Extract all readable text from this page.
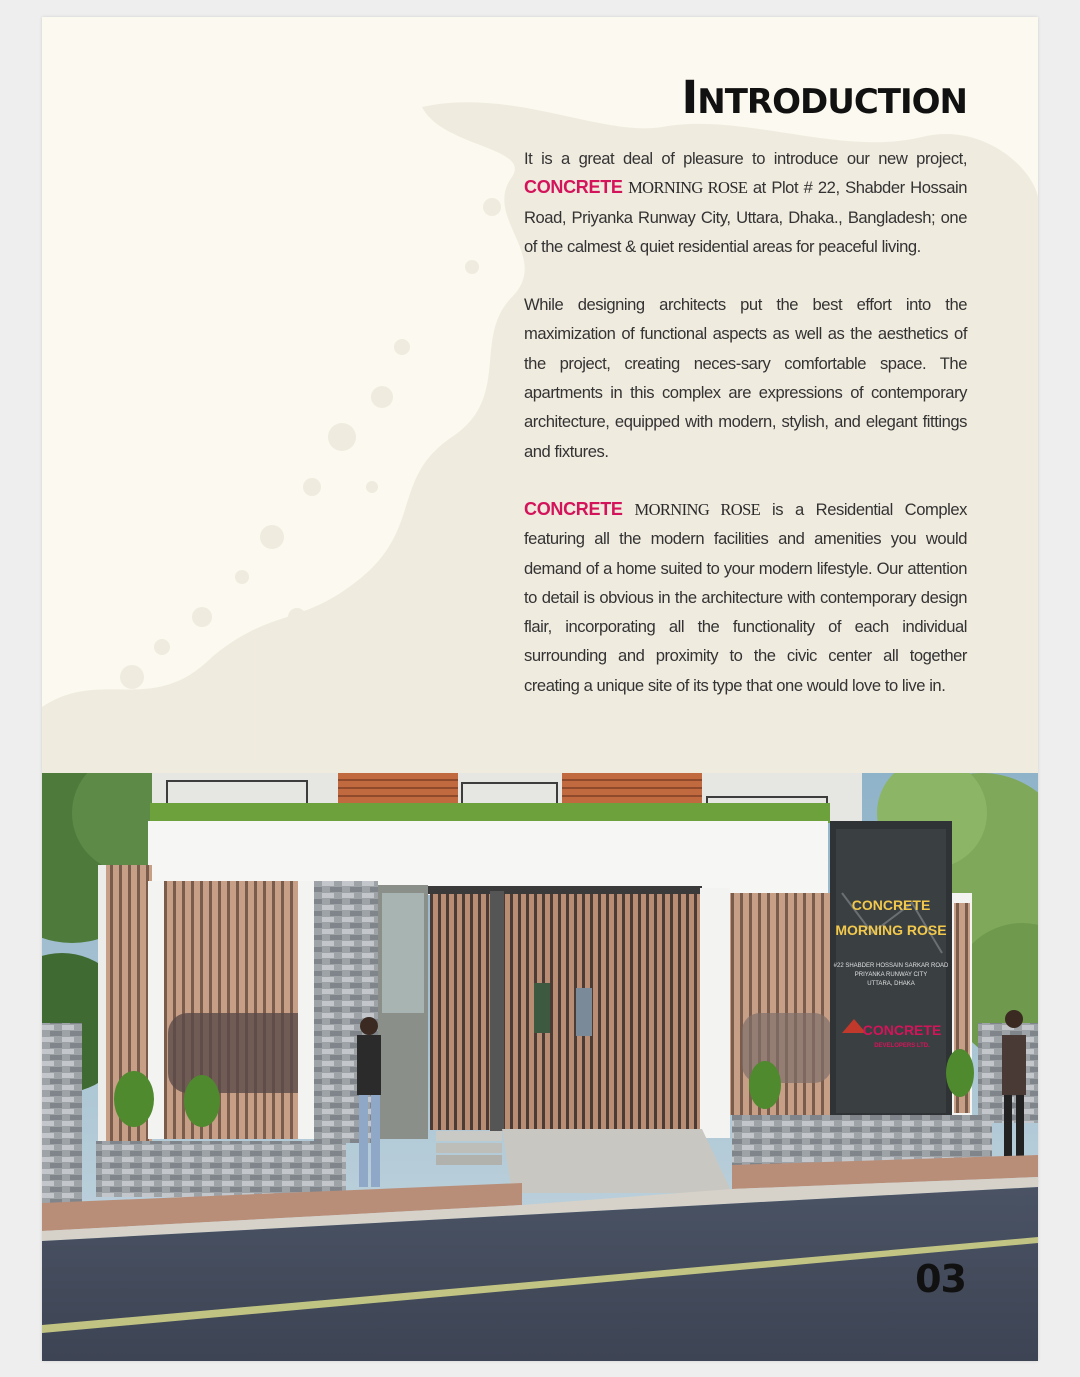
INTRODUCTION

It is a great deal of pleasure to introduce our new project, CONCRETE MORNING ROSE at Plot # 22, Shabder Hossain Road, Priyanka Runway City, Uttara, Dhaka., Bangladesh; one of the calmest & quiet residential areas for peaceful living.

While designing architects put the best effort into the maximization of functional aspects as well as the aesthetics of the project, creating neces-sary comfortable space. The apartments in this complex are expressions of contemporary architecture, equipped with modern, stylish, and elegant fittings and fixtures.

CONCRETE MORNING ROSE is a Residential Complex featuring all the modern facilities and amenities you would demand of a home suited to your modern lifestyle. Our attention to detail is obvious in the architecture with contemporary design flair, incorporating all the functionality of each individual surrounding and proximity to the civic center all together creating a unique site of its type that one would love to live in.

CONCRETE
MORNING ROSE
#22 SHABDER HOSSAIN SARKAR ROAD
PRIYANKA RUNWAY CITY
UTTARA, DHAKA
CONCRETE
DEVELOPERS LTD.
03
